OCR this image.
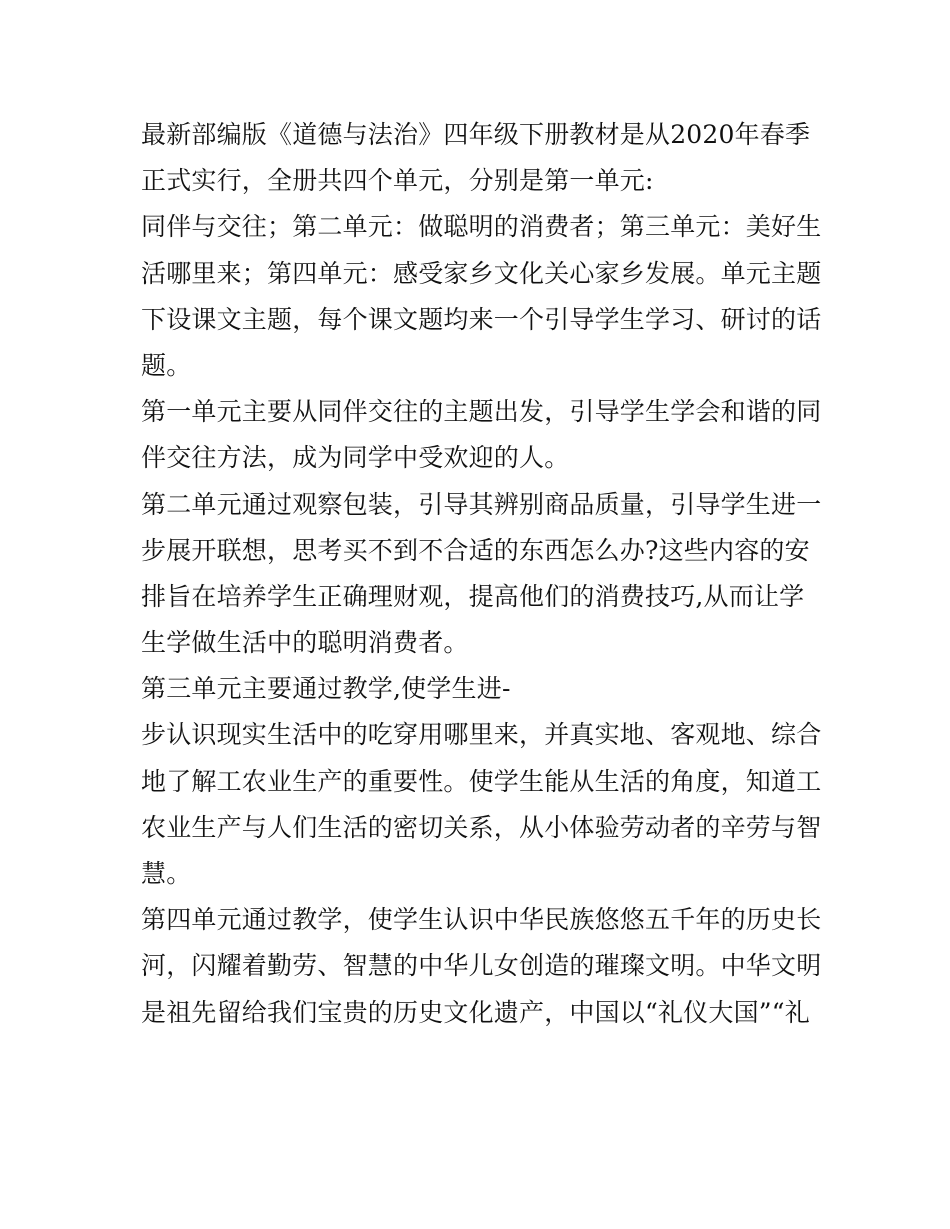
最新部编版《道德与法治》四年级下册教材是从2020年春季
正式实行，全册共四个单元，分别是第一单元:
同伴与交往；第二单元：做聪明的消费者；第三单元：美好生
活哪里来；第四单元：感受家乡文化关心家乡发展。单元主题
下设课文主题，每个课文题均来一个引导学生学习、研讨的话
题。
第一单元主要从同伴交往的主题出发，引导学生学会和谐的同
伴交往方法，成为同学中受欢迎的人。
第二单元通过观察包装，引导其辨别商品质量，引导学生进一
步展开联想，思考买不到不合适的东西怎么办?这些内容的安
排旨在培养学生正确理财观，提高他们的消费技巧,从而让学
生学做生活中的聪明消费者。
第三单元主要通过教学,使学生进-
步认识现实生活中的吃穿用哪里来，并真实地、客观地、综合
地了解工农业生产的重要性。使学生能从生活的角度，知道工
农业生产与人们生活的密切关系，从小体验劳动者的辛劳与智
慧。
第四单元通过教学，使学生认识中华民族悠悠五千年的历史长
河，闪耀着勤劳、智慧的中华儿女创造的璀璨文明。中华文明
是祖先留给我们宝贵的历史文化遗产，中国以“礼仪大国”“礼
